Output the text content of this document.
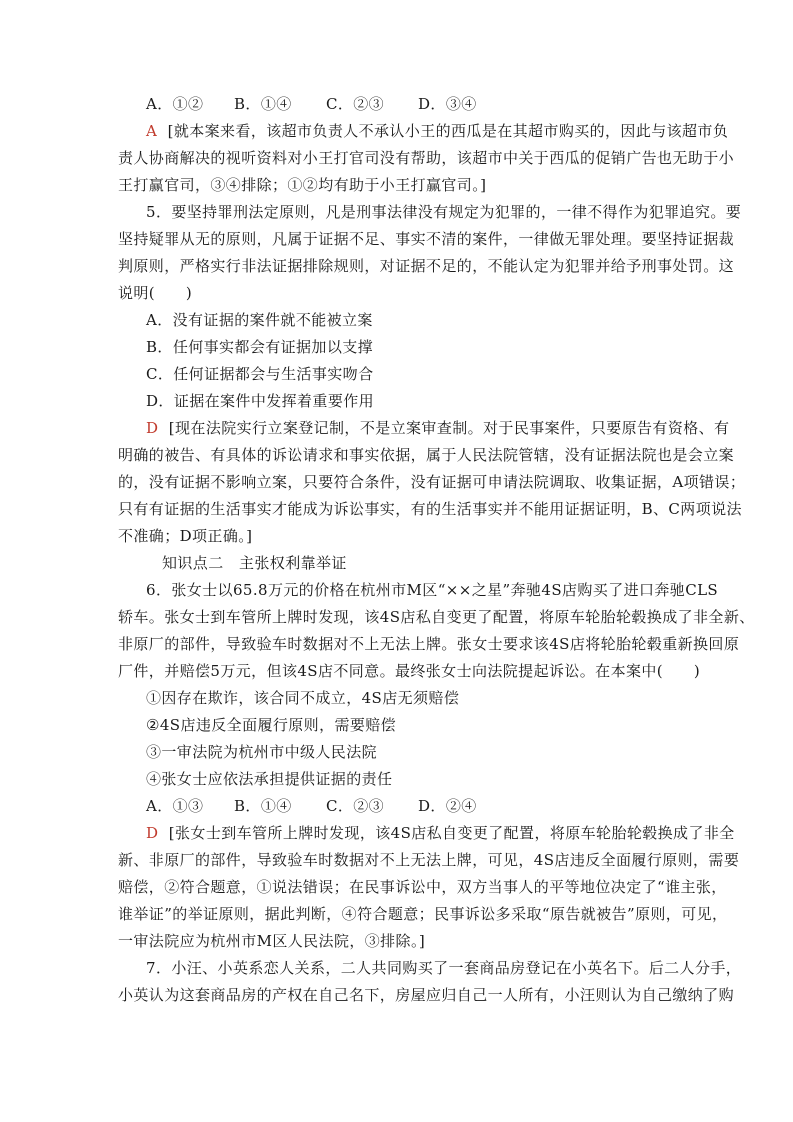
A．①② B．①④ C．②③ D．③④
A [就本案来看，该超市负责人不承认小王的西瓜是在其超市购买的，因此与该超市负
责人协商解决的视听资料对小王打官司没有帮助，该超市中关于西瓜的促销广告也无助于小
王打赢官司，③④排除；①②均有助于小王打赢官司。]
5．要坚持罪刑法定原则，凡是刑事法律没有规定为犯罪的，一律不得作为犯罪追究。要
坚持疑罪从无的原则，凡属于证据不足、事实不清的案件，一律做无罪处理。要坚持证据裁
判原则，严格实行非法证据排除规则，对证据不足的，不能认定为犯罪并给予刑事处罚。这
说明(　　)
A．没有证据的案件就不能被立案
B．任何事实都会有证据加以支撑
C．任何证据都会与生活事实吻合
D．证据在案件中发挥着重要作用
D [现在法院实行立案登记制，不是立案审查制。对于民事案件，只要原告有资格、有
明确的被告、有具体的诉讼请求和事实依据，属于人民法院管辖，没有证据法院也是会立案
的，没有证据不影响立案，只要符合条件，没有证据可申请法院调取、收集证据，A项错误；
只有有证据的生活事实才能成为诉讼事实，有的生活事实并不能用证据证明，B、C两项说法
不准确；D项正确。]
知识点二　主张权利靠举证
6．张女士以65.8万元的价格在杭州市M区“××之星”奔驰4S店购买了进口奔驰CLS
轿车。张女士到车管所上牌时发现，该4S店私自变更了配置，将原车轮胎轮毂换成了非全新、
非原厂的部件，导致验车时数据对不上无法上牌。张女士要求该4S店将轮胎轮毂重新换回原
厂件，并赔偿5万元，但该4S店不同意。最终张女士向法院提起诉讼。在本案中(　　)
①因存在欺诈，该合同不成立，4S店无须赔偿
②4S店违反全面履行原则，需要赔偿
③一审法院为杭州市中级人民法院
④张女士应依法承担提供证据的责任
A．①③ B．①④ C．②③ D．②④
D [张女士到车管所上牌时发现，该4S店私自变更了配置，将原车轮胎轮毂换成了非全
新、非原厂的部件，导致验车时数据对不上无法上牌，可见，4S店违反全面履行原则，需要
赔偿，②符合题意，①说法错误；在民事诉讼中，双方当事人的平等地位决定了“谁主张，
谁举证”的举证原则，据此判断，④符合题意；民事诉讼多采取“原告就被告”原则，可见，
一审法院应为杭州市M区人民法院，③排除。]
7．小汪、小英系恋人关系，二人共同购买了一套商品房登记在小英名下。后二人分手，
小英认为这套商品房的产权在自己名下，房屋应归自己一人所有，小汪则认为自己缴纳了购
